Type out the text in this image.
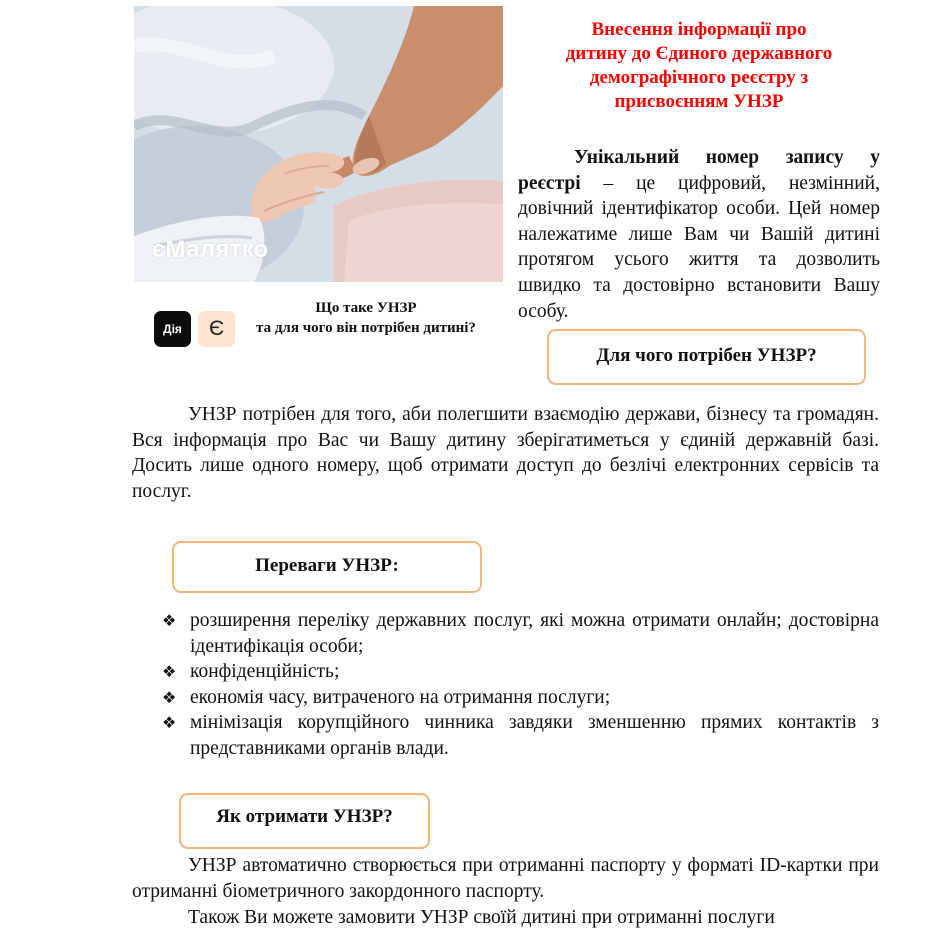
єМалятко
Дія	Є
Що таке УНЗР
та для чого він потрібен дитині?
Внесення інформації про
дитину до Єдиного державного
демографічного реєстру з
присвоєнням УНЗР

Унікальний номер запису у реєстрі – це цифровий, незмінний, довічний ідентифікатор особи. Цей номер належатиме лише Вам чи Вашій дитині протягом усього життя та дозволить швидко та достовірно встановити Вашу особу.

Для чого потрібен УНЗР?

УНЗР потрібен для того, аби полегшити взаємодію держави, бізнесу та громадян. Вся інформація про Вас чи Вашу дитину зберігатиметься у єдиній державній базі. Досить лише одного номеру, щоб отримати доступ до безлічі електронних сервісів та послуг.

Переваги УНЗР:
❖ розширення переліку державних послуг, які можна отримати онлайн; достовірна ідентифікація особи;
❖ конфіденційність;
❖ економія часу, витраченого на отримання послуги;
❖ мінімізація корупційного чинника завдяки зменшенню прямих контактів з представниками органів влади.
Як отримати УНЗР?

УНЗР автоматично створюється при отриманні паспорту у форматі ID-картки при отриманні біометричного закордонного паспорту.

Також Ви можете замовити УНЗР своїй дитині при отриманні послуги
